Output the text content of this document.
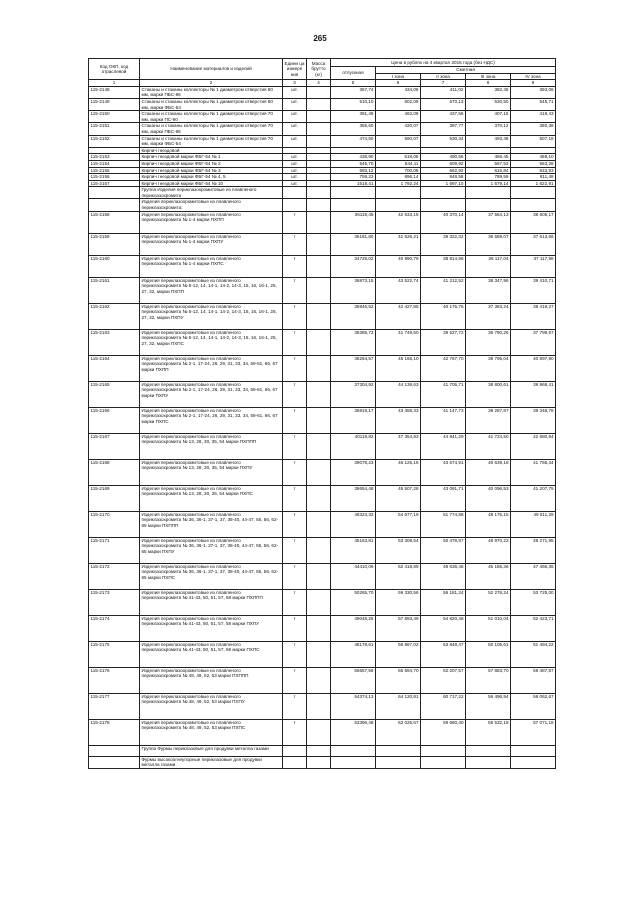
265
Код ОКП, код отраслевой	Наименование материалов и изделий	Едини ца измере ния	Масса брутто (кг)	Цена в рублях на 4 квартал 2015 года (без НДС)				
				отпускная	Сметная			
					I зона	II зона	III зона	IV зона
1	2	3	4	5	6	7	8	9
115-2148	Стаканы и стаканы коллекторы № 1 диаметром отверстия 60 мм, марки ПБС-86	шт.		367,74	434,06	411,02	382,45	393,06
115-2149	Стаканы и стаканы коллекторы № 1 диаметром отверстия 60 мм, марки ФБС-54	шт.		510,10	602,09	570,13	530,50	545,71
115-2150	Стаканы и стаканы коллекторы № 1 диаметром отверстия 70 мм, марки ПС-90	шт.		391,49	462,09	437,56	407,15	418,43
115-2151	Стаканы и стаканы коллекторы № 1 диаметром отверстия 70 мм, марки ПБС-86	шт.		355,60	420,07	397,77	370,12	380,38
115-2152	Стаканы и стаканы коллекторы № 1 диаметром отверстия 70 мм, марки ФБС-54	шт.		474,50	560,07	530,34	493,48	507,18
	Кирпич гнездовой							
115-2153	Кирпич гнездовой марки ФБГ-54 № 1	шт.		438,90	518,05	490,55	456,45	469,10
115-2154	Кирпич гнездовой марки ФБГ-54 № 2	шт.		545,70	644,11	609,92	567,53	583,28
115-2155	Кирпич гнездовой марки ФБГ-54 № 3	шт.		593,12	700,08	662,92	616,84	633,93
115-2156	Кирпич гнездовой марки ФБГ-54 № 4, 5	шт.		759,23	896,14	848,58	789,59	811,48
115-2157	Кирпич гнездовой марки ФБГ-54 № 10	шт.		1518,41	1 792,24	1 697,10	1 579,14	1 622,91
	Группа Изделия периклазохромитовые из плавленого периклазохромита							
	Изделия периклазохромитовые из плавленого периклазохромита:							
115-2158	Изделия периклазохромитовые из плавленого периклазохромита № 1-4 марки ПХПП	т		36119,45	42 633,15	40 370,14	37 564,13	38 605,17
115-2159	Изделия периклазохромитовые из плавленого периклазохромита № 1-4 марки ПХПУ	т		35181,80	41 526,21	39 322,32	36 589,07	37 613,66
115-2160	Изделия периклазохромитовые из плавленого периклазохромита № 1-4 марки ПХПС	т		34728,02	40 990,79	38 814,96	36 117,04	37 117,98
115-2161	Изделия периклазохромитовые из плавленого периклазохромита № 5-12, 14, 14-1, 14-2, 14-3, 15, 16, 16-1, 25, 27, 32, марки ПХПП	т		36873,15	43 522,74	41 212,52	38 347,96	39 410,71
115-2162	Изделия периклазохромитовые из плавленого периклазохромита № 5-12, 14, 14-1, 14-2, 14-3, 15, 16, 16-1, 25, 27, 32, марки ПХПУ	т		35945,52	42 427,85	40 175,75	37 383,24	38 419,27
115-2163	Изделия периклазохромитовые из плавленого периклазохромита № 5-12, 14, 14-1, 14-2, 14-3, 15, 16, 16-1, 25, 27, 32, марки ПХПС	т		35385,73	41 749,50	39 527,72	36 780,26	37 799,57
115-2164	Изделия периклазохромитовые из плавленого периклазохромита № 2-1, 17-24, 26, 29, 31, 33, 34, 59-61, 66, 67 марки ПХПП	т		38264,57	45 165,10	42 767,70	39 795,04	40 897,90
115-2165	Изделия периклазохромитовые из плавленого периклазохромита № 2-1, 17-24, 26, 29, 31, 33, 34, 59-61, 66, 67 марки ПХПУ	т		37304,92	44 138,63	41 705,71	38 800,61	39 968,41
115-2166	Изделия периклазохромитовые из плавленого периклазохромита № 2-1, 17-24, 26, 29, 31, 33, 34, 59-61, 66, 67 марки ПХПС	т		36819,17	43 458,33	41 147,73	38 287,87	39 348,78
115-2167	Изделия периклазохромитовые из плавленого периклазохромита № 13, 28, 30, 35, 54 марки ПХППП	т		40119,82	47 354,93	44 841,29	41 724,50	42 880,84
115-2168	Изделия периклазохромитовые из плавленого периклазохромита № 13, 28, 30, 35, 54 марки ПХПУ	т		39078,23	46 125,16	43 674,91	40 639,18	41 765,44
115-2169	Изделия периклазохромитовые из плавленого периклазохромита № 13, 28, 30, 35, 54 марки ПХПС	т		38654,48	45 507,28	43 091,71	40 096,53	41 207,75
115-2170	Изделия периклазохромитовые из плавленого периклазохромита № 36, 36-1, 37-1, 37, 38-40, 44-47, 55, 56, 62-65 марки ПХППП	т		46323,33	54 677,19	51 774,88	48 176,15	49 511,29
115-2171	Изделия периклазохромитовые из плавленого периклазохромита № 36, 36-1, 37-1, 37, 38-40, 44-47, 55, 56, 62-65 марки ПХПУ	т		45163,81	53 308,54	50 478,87	46 970,23	48 271,95
115-2172	Изделия периклазохромитовые из плавленого периклазохромита № 36, 36-1, 37-1, 37, 38-40, 44-47, 55, 56, 62-65 марки ПХПС	т		44410,09	52 418,89	49 636,45	46 186,36	47 466,35
115-2173	Изделия периклазохромитовые из плавленого периклазохромита № 41-43, 50, 51, 57, 58 марки ПХППП	т		50265,70	59 330,56	56 181,24	52 276,24	53 725,00
115-2174	Изделия периклазохромитовые из плавленого периклазохромита № 41-43, 50, 51, 57, 58 марки ПХПУ	т		49048,25	57 893,49	54 820,48	51 010,04	52 423,71
115-2175	Изделия периклазохромитовые из плавленого периклазохромита № 41-43, 50, 51, 57, 58 марки ПХПС	т		48178,61	56 867,02	53 848,47	50 105,61	51 494,22
115-2176	Изделия периклазохромитовые из плавленого периклазохромита № 48, 49, 52, 53 марки ПХППП	т		55657,59	65 694,70	62 207,57	57 883,70	59 487,87
115-2177	Изделия периклазохромитовые из плавленого периклазохромита № 48, 49, 52, 53 марки ПХПУ	т		54374,13	64 120,81	60 717,22	56 496,94	58 062,67
115-2178	Изделия периклазохромитовые из плавленого периклазохромита № 48, 49, 52, 53 марки ПХПС	т		53396,48	63 025,67	59 680,40	55 532,18	57 071,18
	Группа Фурмы периклазовые для продувки металла газами							
	Фурмы высокоогнеупорные периклазовые для продувки металла газами							
